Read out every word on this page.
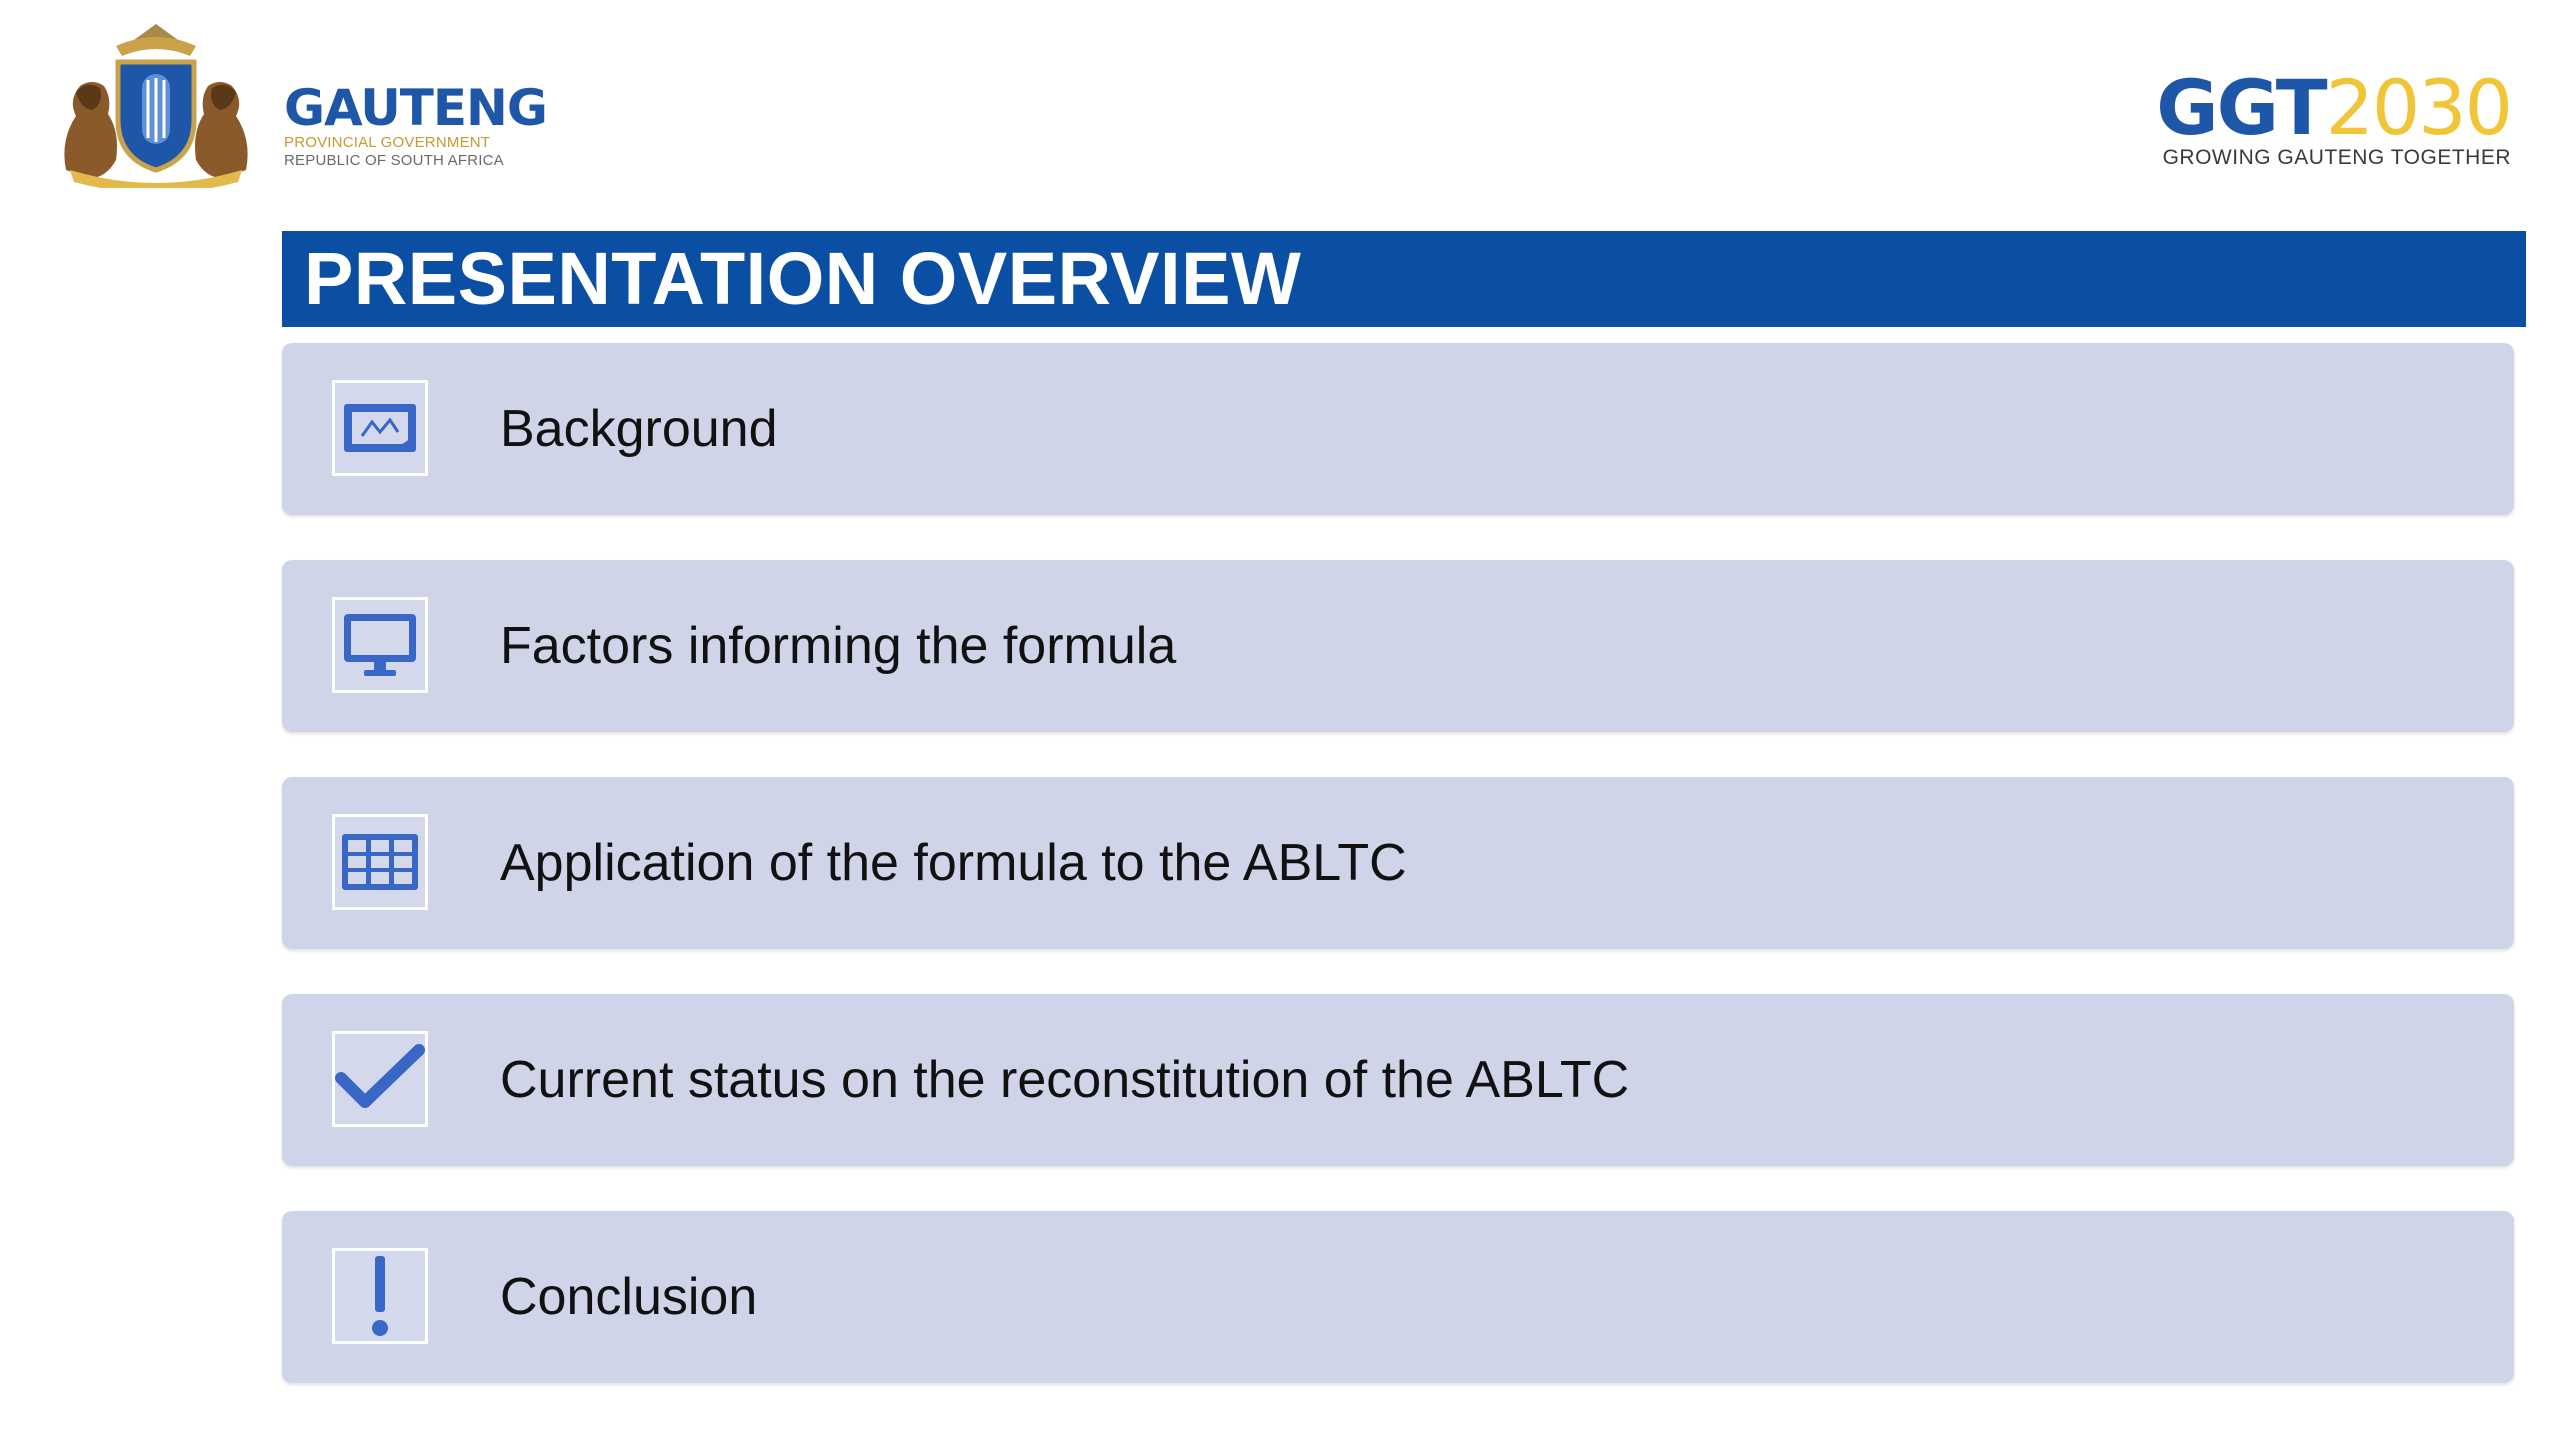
GAUTENG
PROVINCIAL GOVERNMENT
REPUBLIC OF SOUTH AFRICA
GGT2030
GROWING GAUTENG TOGETHER
PRESENTATION OVERVIEW
Background
Factors informing the formula
Application of the formula to the ABLTC
Current status on the reconstitution of the ABLTC
Conclusion
